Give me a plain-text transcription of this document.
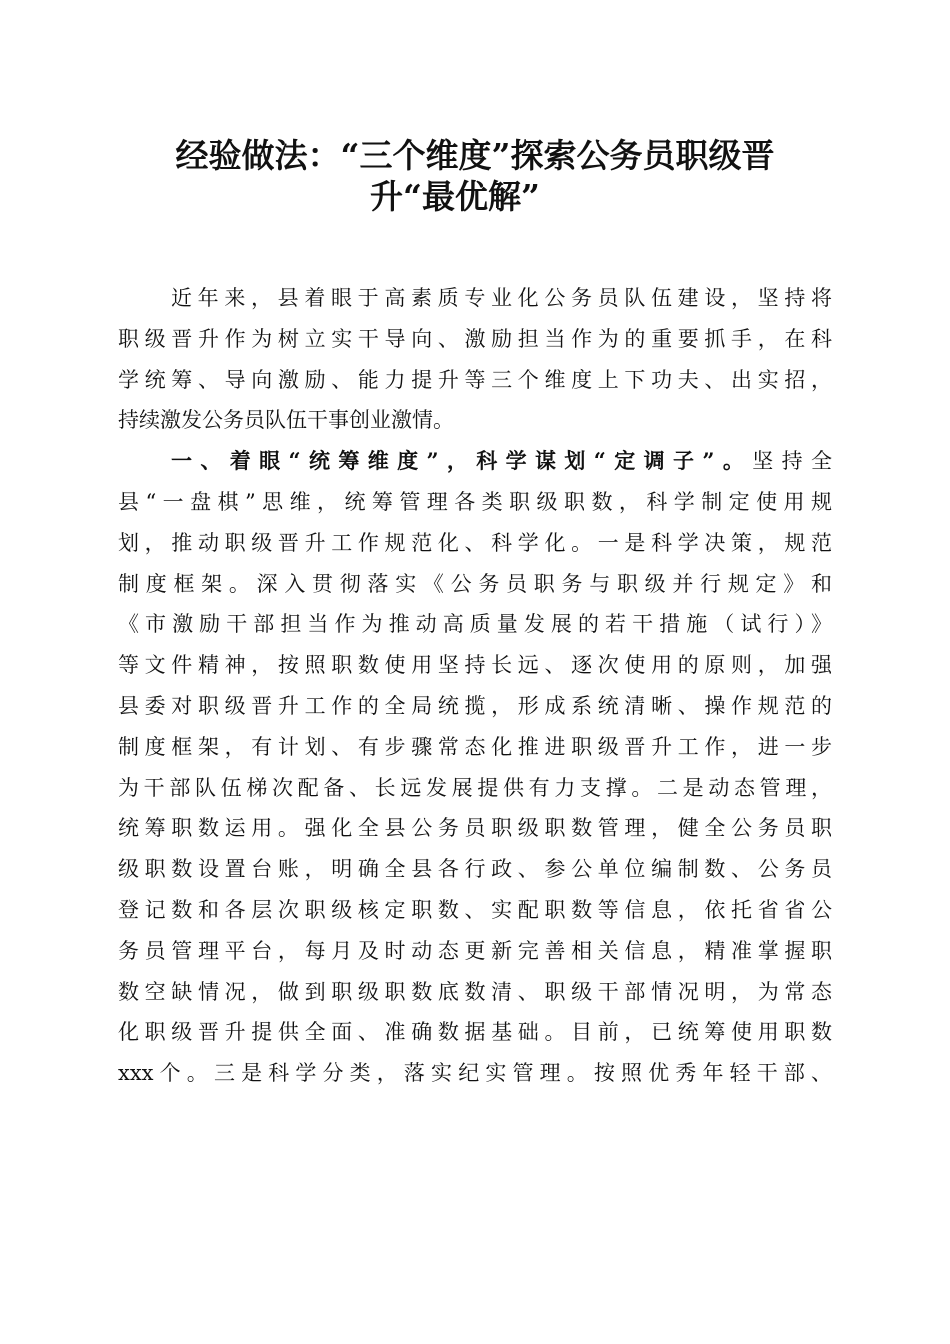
经验做法：“三个维度”探索公务员职级晋
升“最优解”
近年来，县着眼于高素质专业化公务员队伍建设，坚持将
职级晋升作为树立实干导向、激励担当作为的重要抓手，在科
学统筹、导向激励、能力提升等三个维度上下功夫、出实招，
持续激发公务员队伍干事创业激情。
一、着眼“统筹维度”，科学谋划“定调子”。坚持全
县“一盘棋”思维，统筹管理各类职级职数，科学制定使用规
划，推动职级晋升工作规范化、科学化。一是科学决策，规范
制度框架。深入贯彻落实《公务员职务与职级并行规定》和
《市激励干部担当作为推动高质量发展的若干措施（试行）》
等文件精神，按照职数使用坚持长远、逐次使用的原则，加强
县委对职级晋升工作的全局统揽，形成系统清晰、操作规范的
制度框架，有计划、有步骤常态化推进职级晋升工作，进一步
为干部队伍梯次配备、长远发展提供有力支撑。二是动态管理，
统筹职数运用。强化全县公务员职级职数管理，健全公务员职
级职数设置台账，明确全县各行政、参公单位编制数、公务员
登记数和各层次职级核定职数、实配职数等信息，依托省省公
务员管理平台，每月及时动态更新完善相关信息，精准掌握职
数空缺情况，做到职级职数底数清、职级干部情况明，为常态
化职级晋升提供全面、准确数据基础。目前，已统筹使用职数
xxx个。三是科学分类，落实纪实管理。按照优秀年轻干部、
